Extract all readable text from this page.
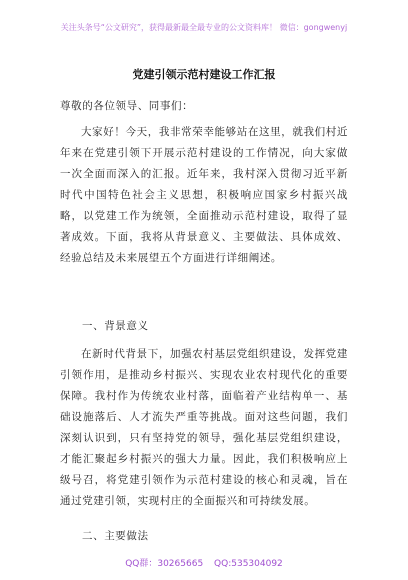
关注头条号“公文研究”，获得最新最全最专业的公文资料库！ 微信：gongwenyj
党建引领示范村建设工作汇报
尊敬的各位领导、同事们：
大家好！今天，我非常荣幸能够站在这里，就我们村近年来在党建引领下开展示范村建设的工作情况，向大家做一次全面而深入的汇报。近年来，我村深入贯彻习近平新时代中国特色社会主义思想，积极响应国家乡村振兴战略，以党建工作为统领，全面推动示范村建设，取得了显著成效。下面，我将从背景意义、主要做法、具体成效、经验总结及未来展望五个方面进行详细阐述。
一、背景意义
在新时代背景下，加强农村基层党组织建设，发挥党建引领作用，是推动乡村振兴、实现农业农村现代化的重要保障。我村作为传统农业村落，面临着产业结构单一、基础设施落后、人才流失严重等挑战。面对这些问题，我们深刻认识到，只有坚持党的领导，强化基层党组织建设，才能汇聚起乡村振兴的强大力量。因此，我们积极响应上级号召，将党建引领作为示范村建设的核心和灵魂，旨在通过党建引领，实现村庄的全面振兴和可持续发展。
二、主要做法
QQ群：30265665 QQ:535304092
